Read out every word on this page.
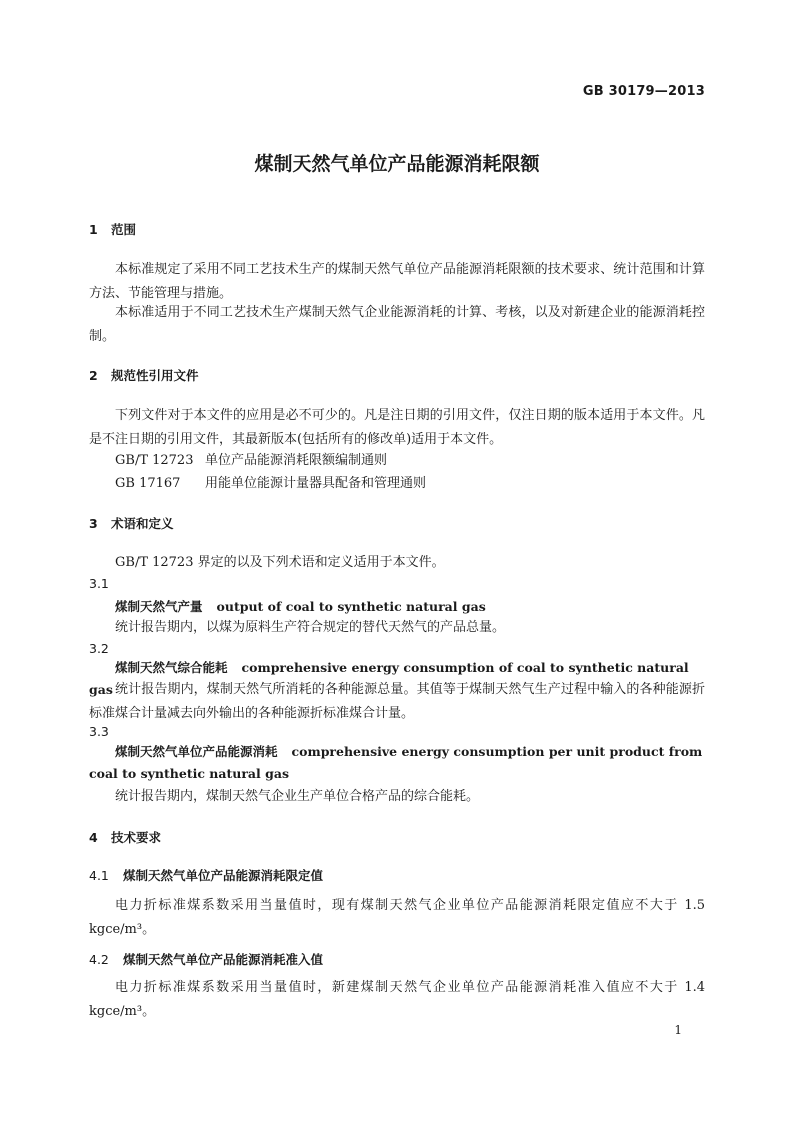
GB 30179—2013
煤制天然气单位产品能源消耗限额
1 范围
本标准规定了采用不同工艺技术生产的煤制天然气单位产品能源消耗限额的技术要求、统计范围和计算方法、节能管理与措施。
本标准适用于不同工艺技术生产煤制天然气企业能源消耗的计算、考核，以及对新建企业的能源消耗控制。
2 规范性引用文件
下列文件对于本文件的应用是必不可少的。凡是注日期的引用文件，仅注日期的版本适用于本文件。凡是不注日期的引用文件，其最新版本(包括所有的修改单)适用于本文件。
GB/T 12723 单位产品能源消耗限额编制通则
GB 17167 用能单位能源计量器具配备和管理通则
3 术语和定义
GB/T 12723 界定的以及下列术语和定义适用于本文件。
3.1
煤制天然气产量 output of coal to synthetic natural gas
统计报告期内，以煤为原料生产符合规定的替代天然气的产品总量。
3.2
煤制天然气综合能耗 comprehensive energy consumption of coal to synthetic natural gas 统计报告期内，煤制天然气所消耗的各种能源总量。其值等于煤制天然气生产过程中输入的各种能源折标准煤合计量减去向外输出的各种能源折标准煤合计量。
3.3
煤制天然气单位产品能源消耗 comprehensive energy consumption per unit product from coal to synthetic natural gas
统计报告期内，煤制天然气企业生产单位合格产品的综合能耗。
4 技术要求
4.1 煤制天然气单位产品能源消耗限定值
电力折标准煤系数采用当量值时，现有煤制天然气企业单位产品能源消耗限定值应不大于 1.5 kgce/m³。
4.2 煤制天然气单位产品能源消耗准入值
电力折标准煤系数采用当量值时，新建煤制天然气企业单位产品能源消耗准入值应不大于 1.4 kgce/m³。
1
